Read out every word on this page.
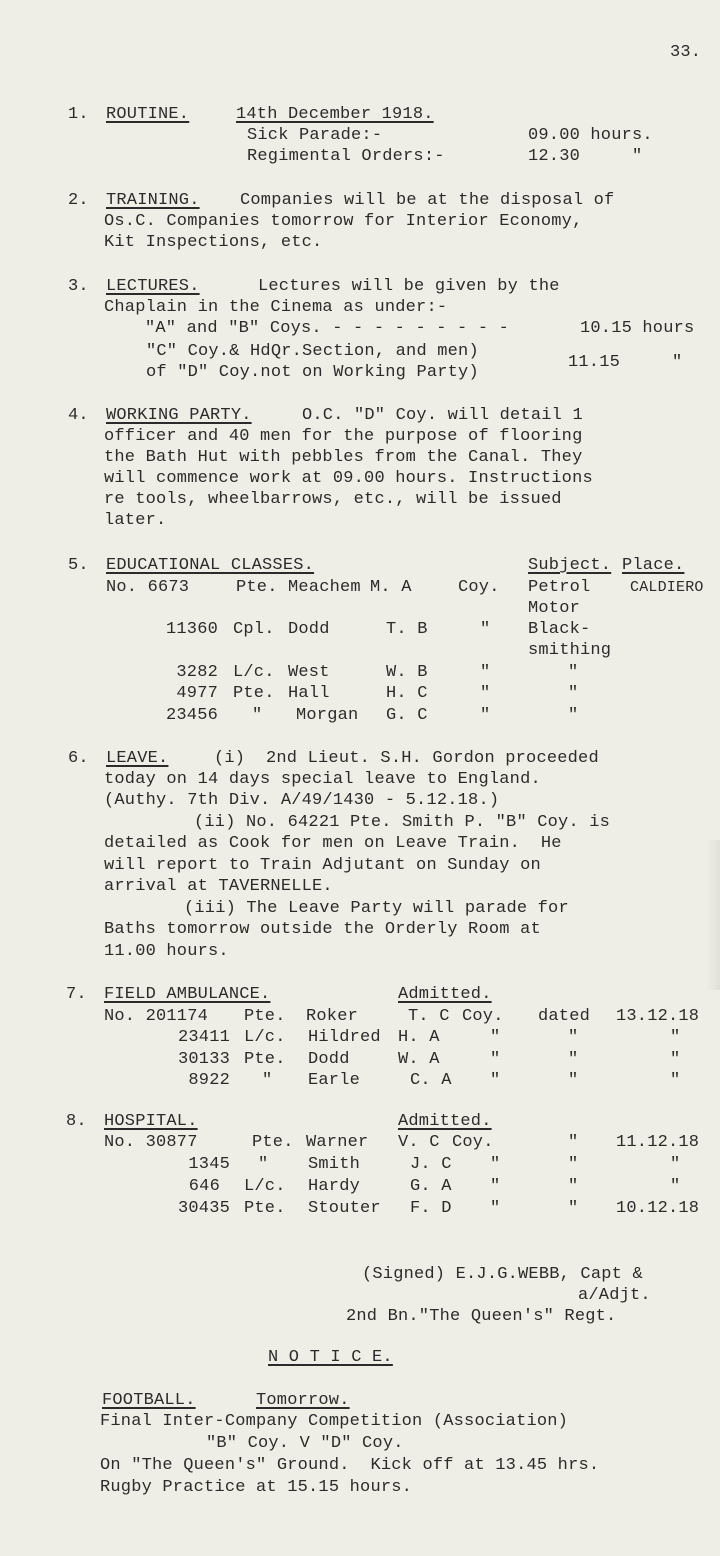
33.
1. ROUTINE.	14th December 1918.
Sick Parade:-	09.00 hours.
Regimental Orders:-	12.30     "
2. TRAINING. Companies will be at the disposal of
Os.C. Companies tomorrow for Interior Economy,
Kit Inspections, etc.
3. LECTURES.	Lectures will be given by the
Chaplain in the Cinema as under:-
"A" and "B" Coys. - - - - - - - - -	10.15 hours
"C" Coy.& HdQr.Section, and men)
of "D" Coy.not on Working Party)
11.15     "
4. WORKING PARTY.	O.C. "D" Coy. will detail 1
officer and 40 men for the purpose of flooring
the Bath Hut with pebbles from the Canal. They
will commence work at 09.00 hours. Instructions
re tools, wheelbarrows, etc., will be issued
later.
5. EDUCATIONAL CLASSES.	Subject. Place.
No. 6673	Pte. Meachem M. A	Coy. Petrol	CALDIERO
Motor
11360 Cpl. Dodd	T. B	" Black-
smithing
3282 L/c. West	W. B	"	"
4977 Pte. Hall	H. C	"	"
23456 " Morgan G. C	"	"
6. LEAVE.	(i)  2nd Lieut. S.H. Gordon proceeded
today on 14 days special leave to England.
(Authy. 7th Div. A/49/1430 - 5.12.18.)
(ii) No. 64221 Pte. Smith P. "B" Coy. is
detailed as Cook for men on Leave Train.  He
will report to Train Adjutant on Sunday on
arrival at TAVERNELLE.
(iii) The Leave Party will parade for
Baths tomorrow outside the Orderly Room at
11.00 hours.
7. FIELD AMBULANCE.	Admitted.
No. 201174 Pte. Roker	T. C Coy. dated 13.12.18
23411 L/c. Hildred H. A	"	"	"
30133 Pte. Dodd	W. A	"	"	"
8922 " Earle	C. A "	"	"
8. HOSPITAL.	Admitted.
No. 30877	Pte. Warner V. C Coy.	" 11.12.18
1345 " Smith	J. C "	"	"
646 L/c. Hardy	G. A "	"	"
30435 Pte. Stouter F. D "	" 10.12.18
(Signed) E.J.G.WEBB, Capt &
a/Adjt.
2nd Bn."The Queen's" Regt.
N O T I C E.
FOOTBALL.	Tomorrow.
Final Inter-Company Competition (Association)
"B" Coy. V "D" Coy.
On "The Queen's" Ground.  Kick off at 13.45 hrs.
Rugby Practice at 15.15 hours.
